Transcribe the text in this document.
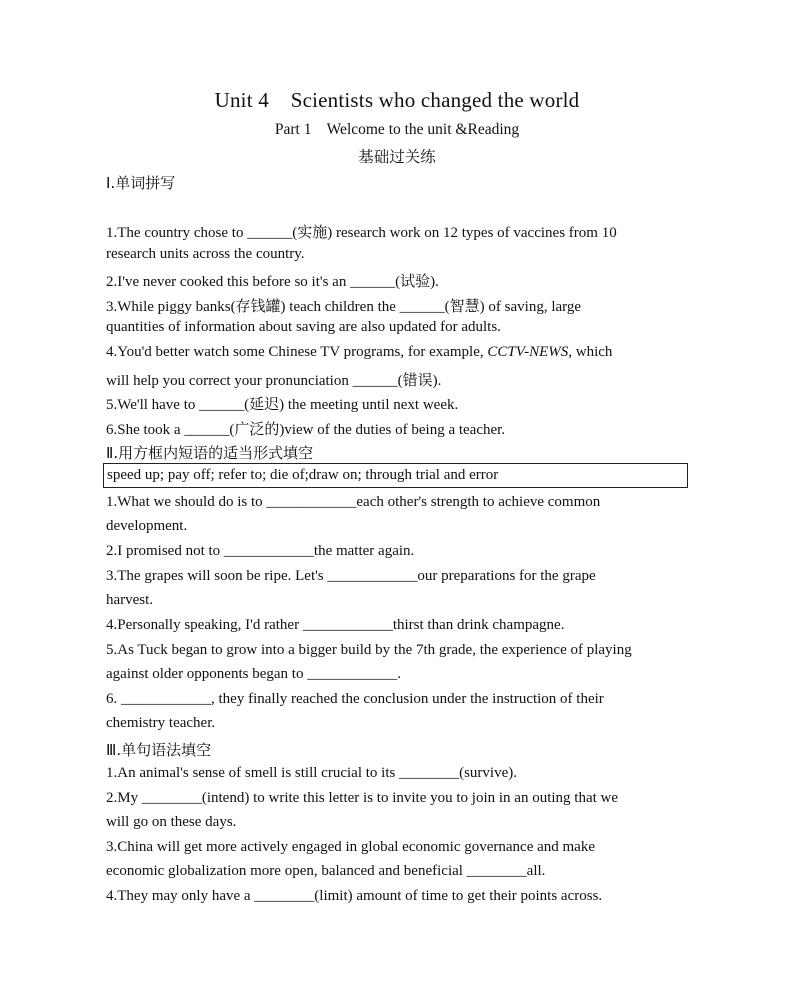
Unit 4    Scientists who changed the world
Part 1    Welcome to the unit &Reading
基础过关练
Ⅰ.单词拼写
1.The country chose to ______(实施) research work on 12 types of vaccines from 10
research units across the country.
2.I've never cooked this before so it's an ______(试验).
3.While piggy banks(存钱罐) teach children the ______(智慧) of saving, large
quantities of information about saving are also updated for adults.
4.You'd better watch some Chinese TV programs, for example, CCTV-NEWS, which
will help you correct your pronunciation ______(错误).
5.We'll have to ______(延迟) the meeting until next week.
6.She took a ______(广泛的)view of the duties of being a teacher.
Ⅱ.用方框内短语的适当形式填空
speed up; pay off; refer to; die of;draw on; through trial and error
1.What we should do is to ____________each other's strength to achieve common
development.
2.I promised not to ____________the matter again.
3.The grapes will soon be ripe. Let's ____________our preparations for the grape
harvest.
4.Personally speaking, I'd rather ____________thirst than drink champagne.
5.As Tuck began to grow into a bigger build by the 7th grade, the experience of playing
against older opponents began to ____________.
6. ____________, they finally reached the conclusion under the instruction of their
chemistry teacher.
Ⅲ.单句语法填空
1.An animal's sense of smell is still crucial to its ________(survive).
2.My ________(intend) to write this letter is to invite you to join in an outing that we
will go on these days.
3.China will get more actively engaged in global economic governance and make
economic globalization more open, balanced and beneficial ________all.
4.They may only have a ________(limit) amount of time to get their points across.
